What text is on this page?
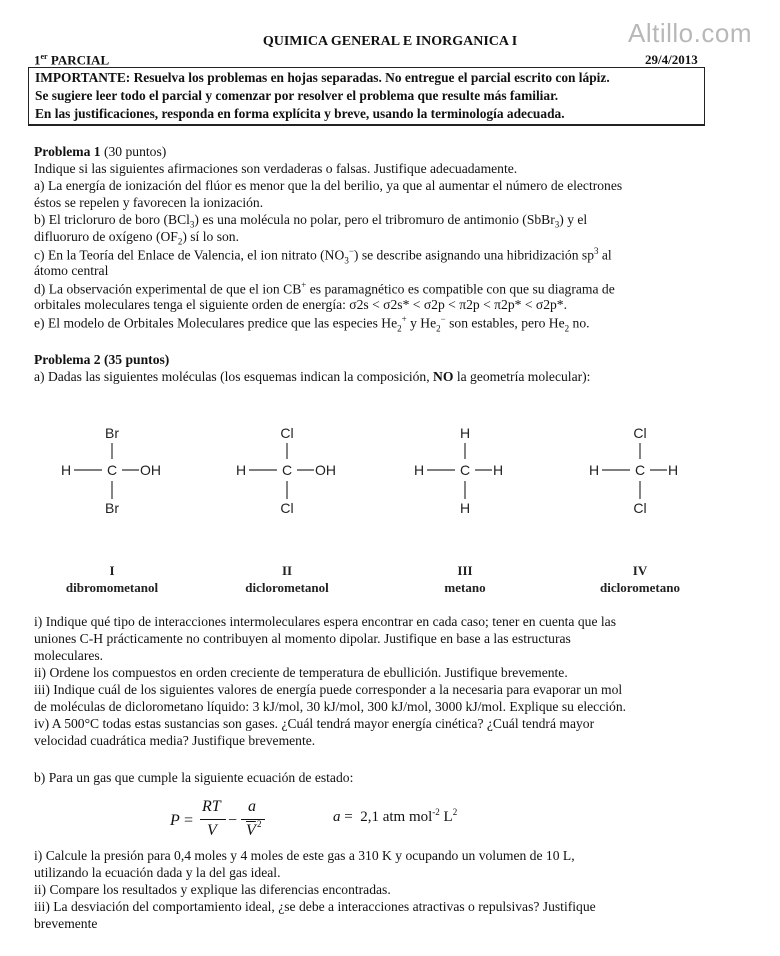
Altillo.com
QUIMICA GENERAL E INORGANICA I
1er PARCIAL	29/4/2013
IMPORTANTE: Resuelva los problemas en hojas separadas. No entregue el parcial escrito con lápiz.
Se sugiere leer todo el parcial y comenzar por resolver el problema que resulte más familiar.
En las justificaciones, responda en forma explícita y breve, usando la terminología adecuada.
Problema 1 (30 puntos)
Indique si las siguientes afirmaciones son verdaderas o falsas. Justifique adecuadamente.
a) La energía de ionización del flúor es menor que la del berilio, ya que al aumentar el número de electrones
éstos se repelen y favorecen la ionización.
b) El tricloruro de boro (BCl$_3$) es una molécula no polar, pero el tribromuro de antimonio (SbBr$_3$) y el
difluoruro de oxígeno $(OF_2)$ sí lo son.
c) En la Teoría del Enlace de Valencia, el ion nitrato $(NO_3^-)$ se describe asignando una hibridización $sp^3$ al
átomo central
d) La observación experimental de que el ion CB+ es paramagnético es compatible con que su diagrama de
orbitales moleculares tenga el siguiente orden de energía: σ2s < σ2s* < σ2p < π2p < π2p* < σ2p*.
e) El modelo de Orbitales Moleculares predice que las especies $He_2^+$ y $He_2^-$ son estables, pero $He_2$ no.
Problema 2 (35 puntos)
a) Dadas las siguientes moléculas (los esquemas indican la composición, NO la geometría molecular):
C
Br
Br
H	OH
I
dibromometanol
C
Cl
Cl
H	OH
II
diclorometanol
C
H
H
H	H
III
metano
C
Cl
Cl
H	H
IV
diclorometano
i) Indique qué tipo de interacciones intermoleculares espera encontrar en cada caso; tener en cuenta que las
uniones C-H prácticamente no contribuyen al momento dipolar. Justifique en base a las estructuras
moleculares.
ii) Ordene los compuestos en orden creciente de temperatura de ebullición. Justifique brevemente.
iii) Indique cuál de los siguientes valores de energía puede corresponder a la necesaria para evaporar un mol
de moléculas de diclorometano líquido: 3 kJ/mol, 30 kJ/mol, 300 kJ/mol, 3000 kJ/mol. Explique su elección.
iv) A 500°C todas estas sustancias son gases. ¿Cuál tendrá mayor energía cinética? ¿Cuál tendrá mayor
velocidad cuadrática media? Justifique brevemente.
b) Para un gas que cumple la siguiente ecuación de estado:
P =
RT
V
−
a
$\overline{V}$ 2	a = 2,1 atm mol$^{-2}$ $L^2$
i) Calcule la presión para 0,4 moles y 4 moles de este gas a 310 K y ocupando un volumen de 10 L,
utilizando la ecuación dada y la del gas ideal.
ii) Compare los resultados y explique las diferencias encontradas.
iii) La desviación del comportamiento ideal, ¿se debe a interacciones atractivas o repulsivas? Justifique
brevemente
